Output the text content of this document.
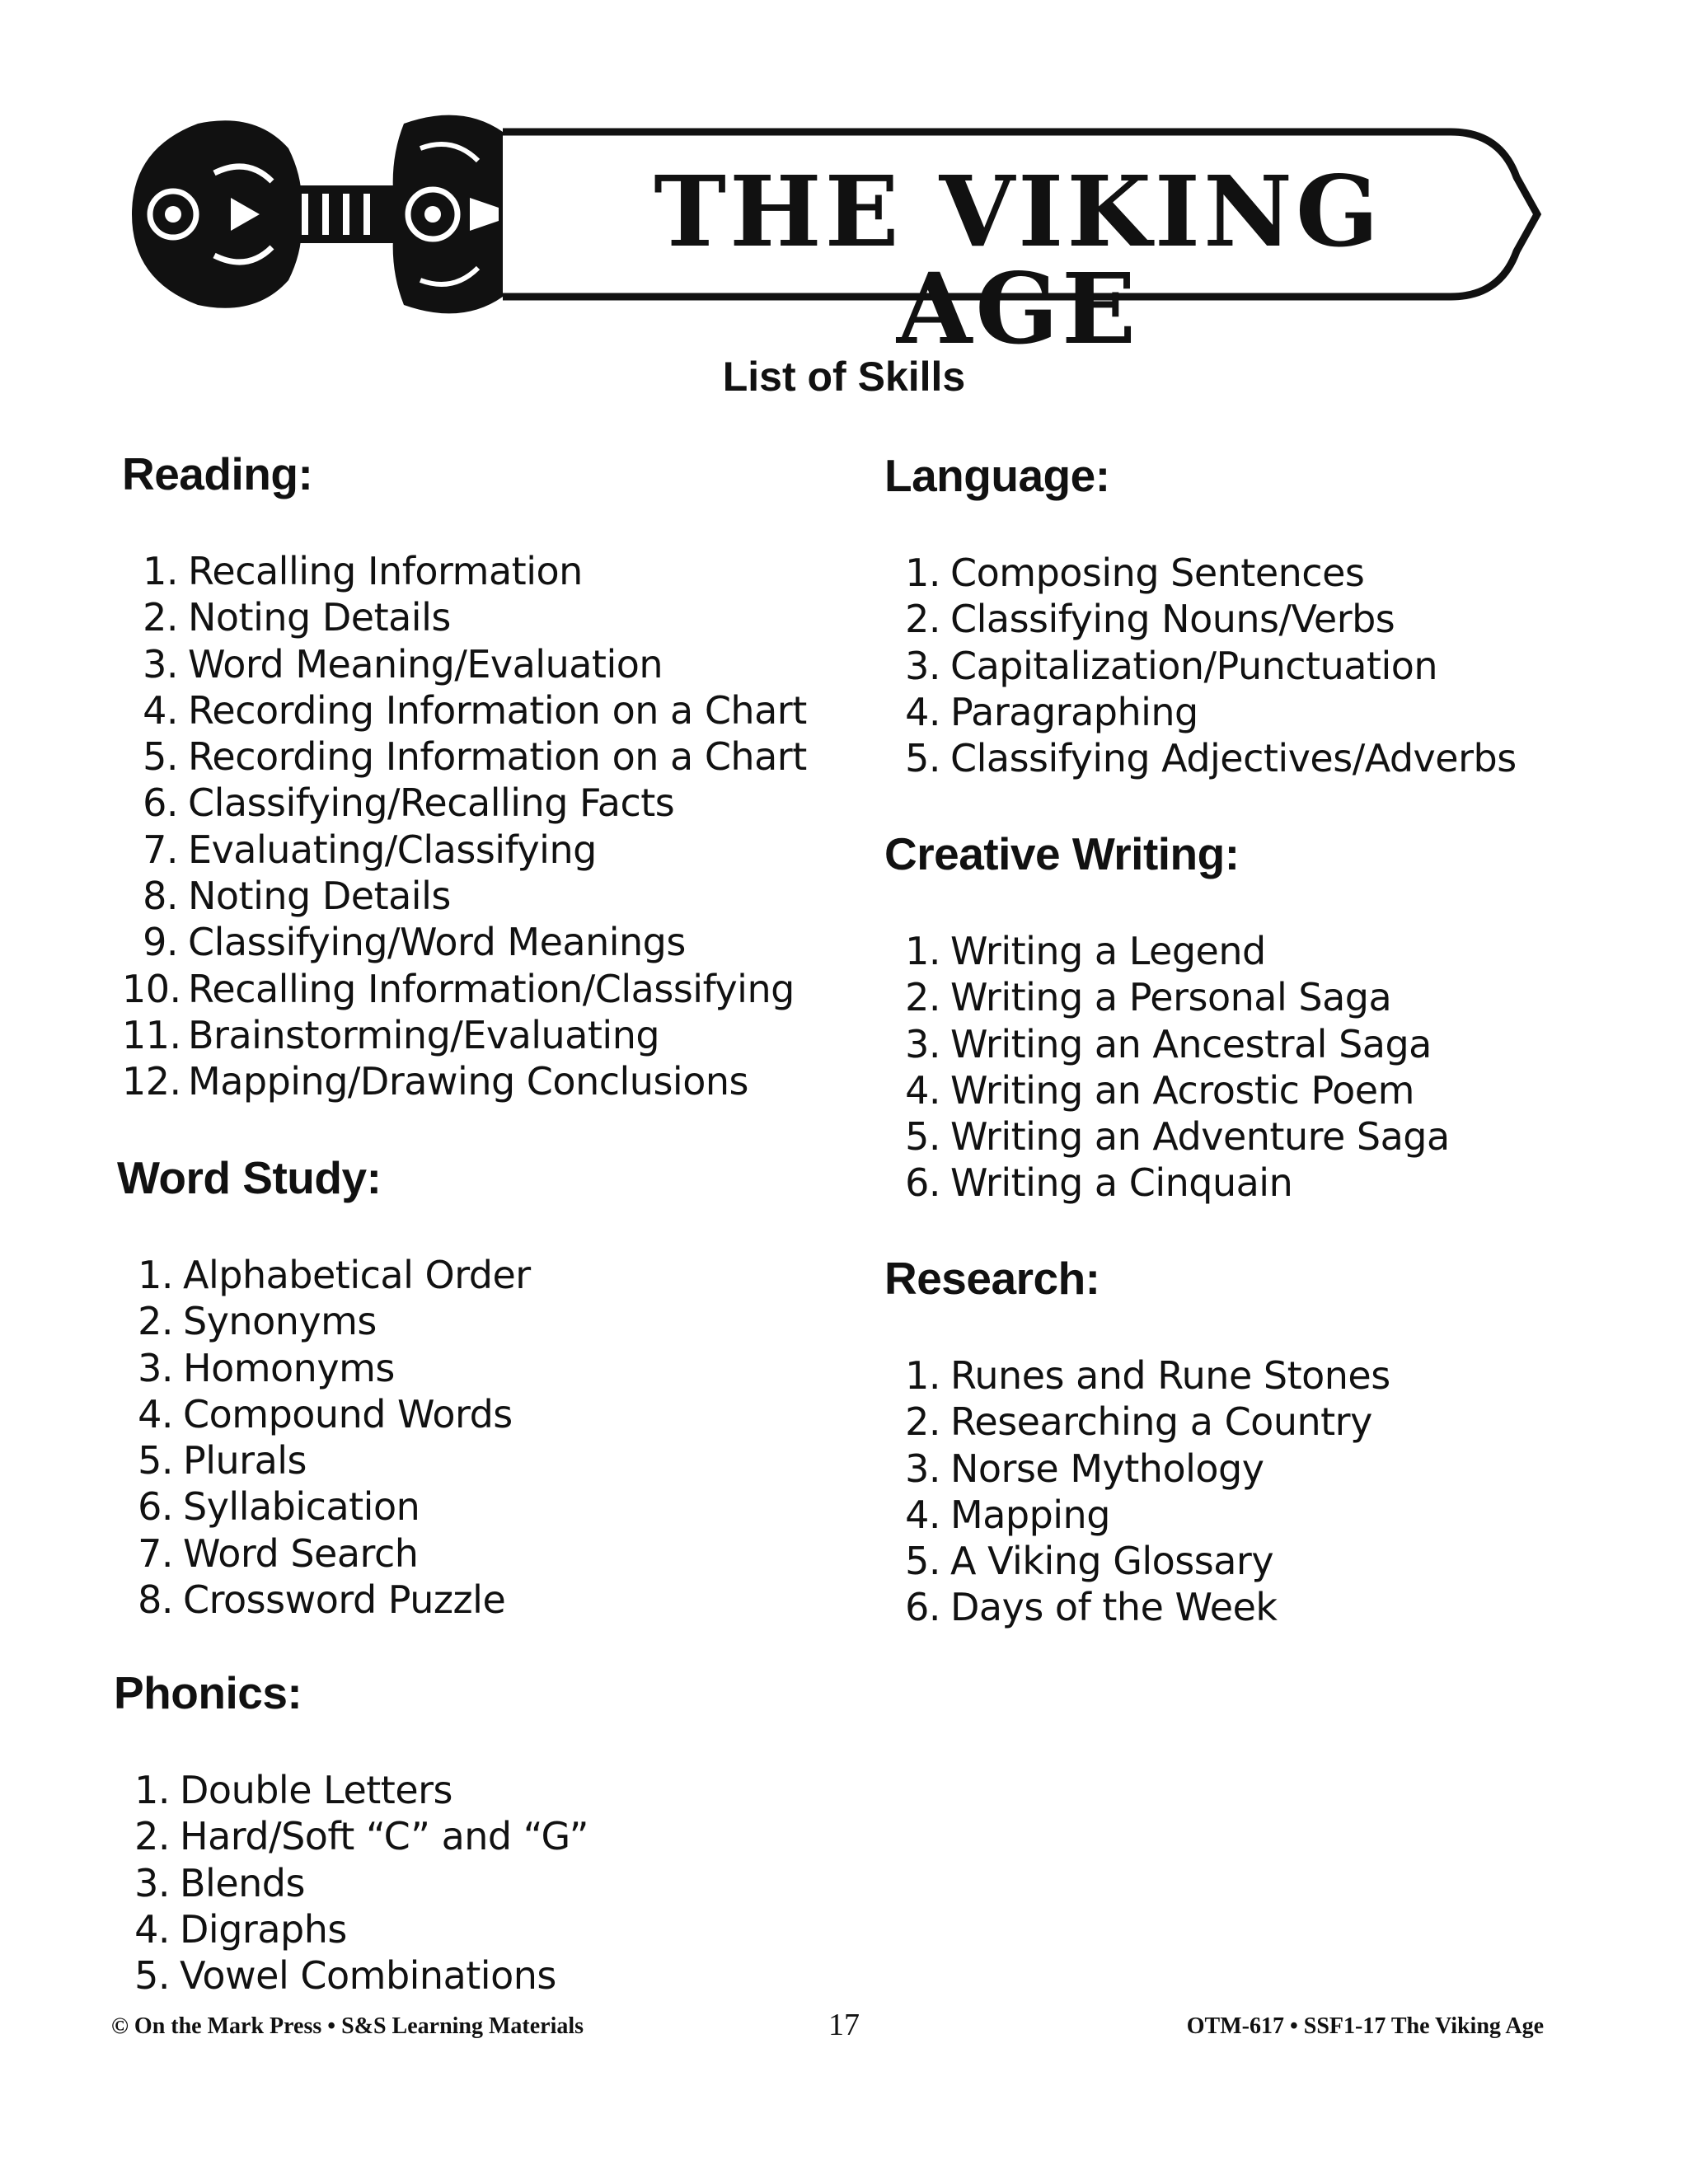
THE VIKING AGE
List of Skills
Reading:
1. Recalling Information
2. Noting Details
3. Word Meaning/Evaluation
4. Recording Information on a Chart
5. Recording Information on a Chart
6. Classifying/Recalling Facts
7. Evaluating/Classifying
8. Noting Details
9. Classifying/Word Meanings
10. Recalling Information/Classifying
11. Brainstorming/Evaluating
12. Mapping/Drawing Conclusions
Word Study:
1. Alphabetical Order
2. Synonyms
3. Homonyms
4. Compound Words
5. Plurals
6. Syllabication
7. Word Search
8. Crossword Puzzle
Phonics:
1. Double Letters
2. Hard/Soft “C” and “G”
3. Blends
4. Digraphs
5. Vowel Combinations
Language:
1. Composing Sentences
2. Classifying Nouns/Verbs
3. Capitalization/Punctuation
4. Paragraphing
5. Classifying Adjectives/Adverbs
Creative Writing:
1. Writing a Legend
2. Writing a Personal Saga
3. Writing an Ancestral Saga
4. Writing an Acrostic Poem
5. Writing an Adventure Saga
6. Writing a Cinquain
Research:
1. Runes and Rune Stones
2. Researching a Country
3. Norse Mythology
4. Mapping
5. A Viking Glossary
6. Days of the Week
© On the Mark Press • S&S Learning Materials	17	OTM-617 • SSF1-17 The Viking Age
